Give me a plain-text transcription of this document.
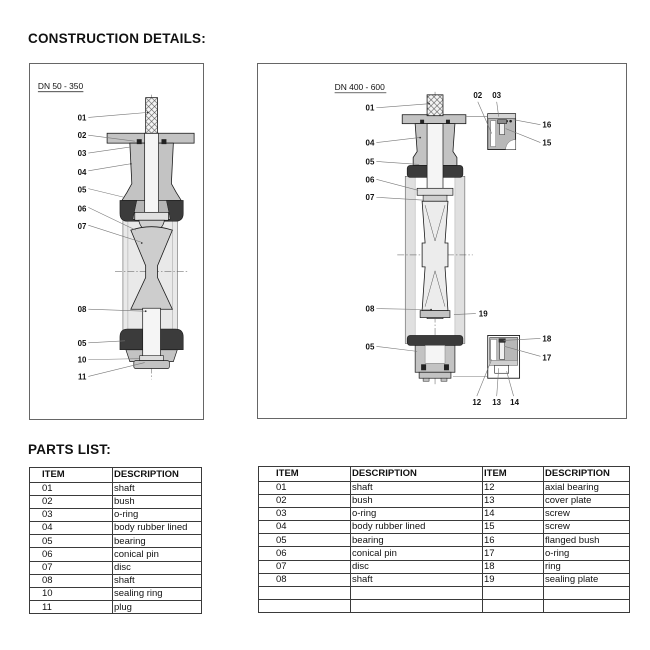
CONSTRUCTION DETAILS:
DN 50 - 350
01
02
03
04
05
06
07
08
05
10
11
DN 400 - 600
01
04
05
06
07
08
05
02 03
12 13 14
16
15
18
17
19
PARTS LIST:
ITEM	DESCRIPTION
01	shaft
02	bush
03	o-ring
04	body rubber lined
05	bearing
06	conical pin
07	disc
08	shaft
10	sealing ring
11	plug
ITEM	DESCRIPTION	ITEM	DESCRIPTION
01	shaft	12	axial bearing
02	bush	13	cover plate
03	o-ring	14	screw
04	body rubber lined	15	screw
05	bearing	16	flanged bush
06	conical pin	17	o-ring
07	disc	18	ring
08	shaft	19	sealing plate
